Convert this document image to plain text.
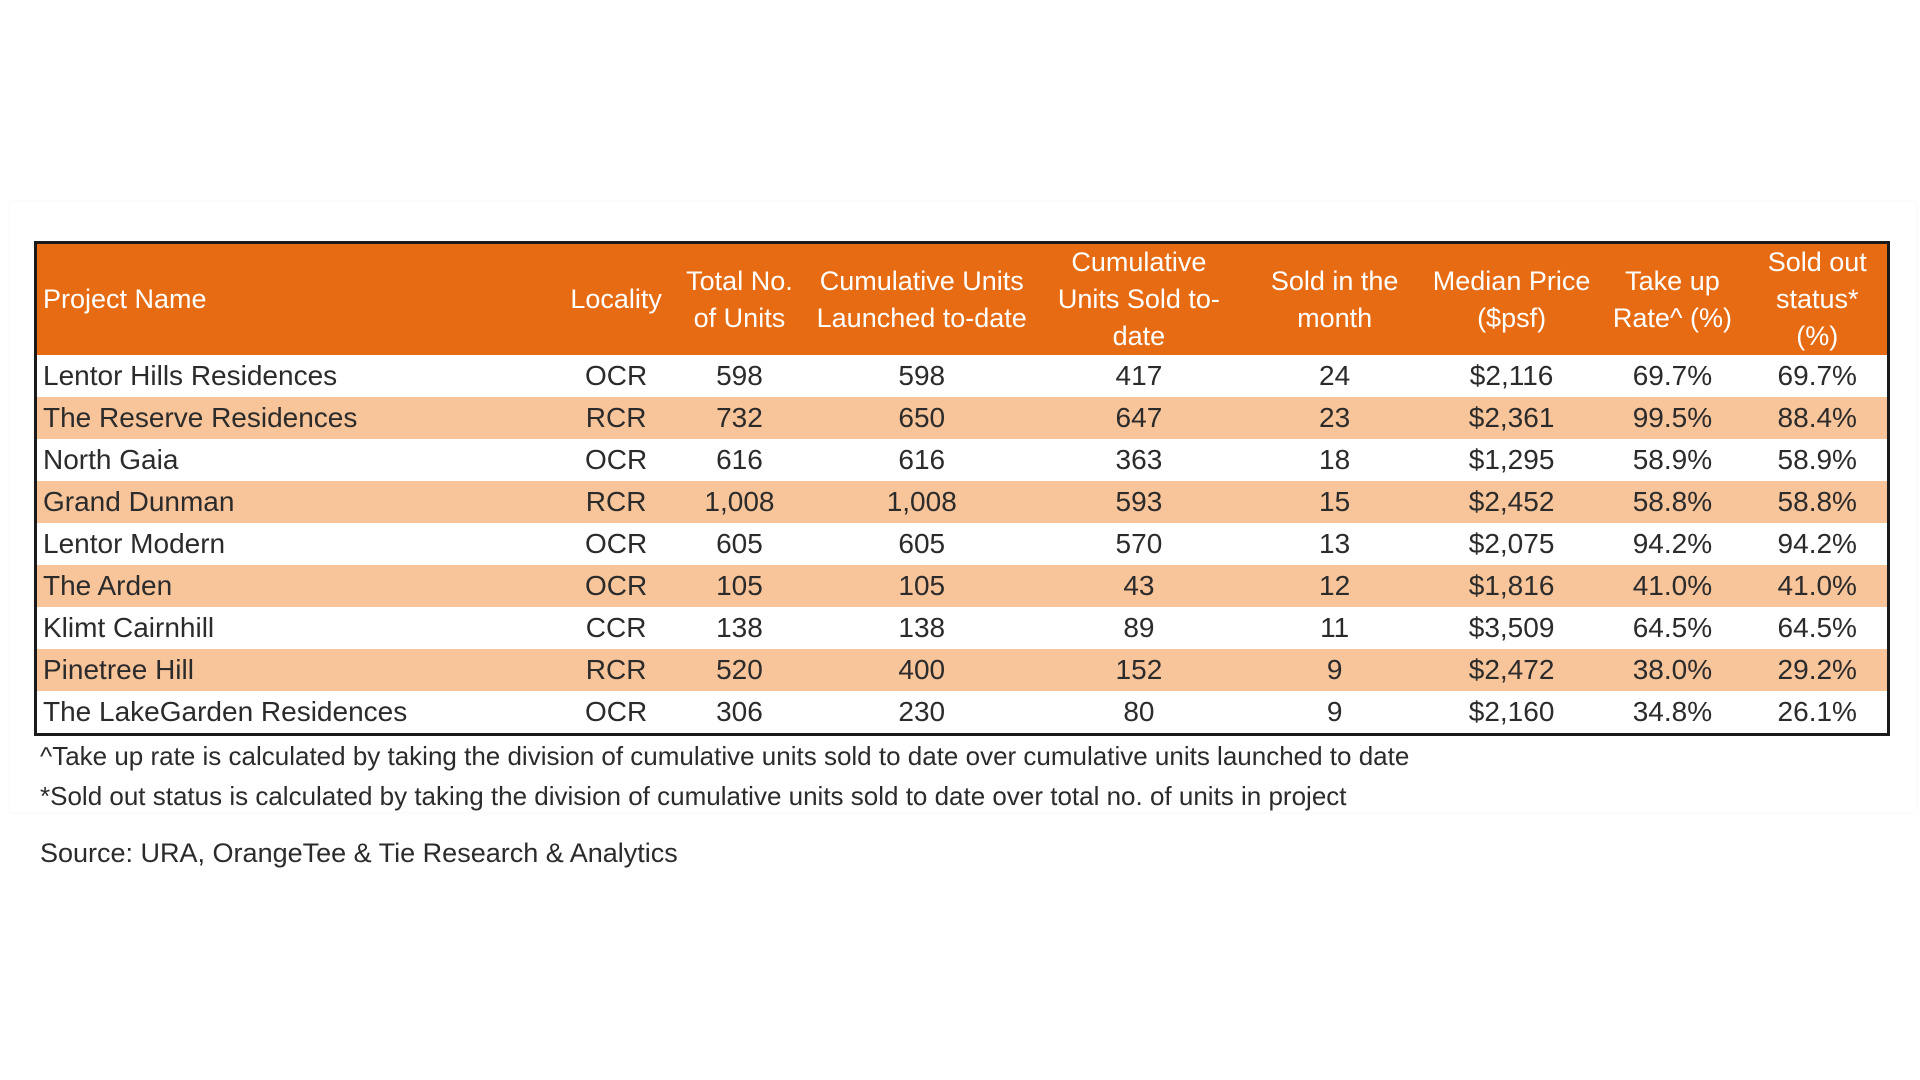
Project Name	Locality	Total No. of Units	Cumulative Units Launched to-date	Cumulative Units Sold to-date	Sold in the month	Median Price ($psf)	Take up Rate^ (%)	Sold out status* (%)
Lentor Hills Residences	OCR	598	598	417	24	$2,116	69.7%	69.7%
The Reserve Residences	RCR	732	650	647	23	$2,361	99.5%	88.4%
North Gaia	OCR	616	616	363	18	$1,295	58.9%	58.9%
Grand Dunman	RCR	1,008	1,008	593	15	$2,452	58.8%	58.8%
Lentor Modern	OCR	605	605	570	13	$2,075	94.2%	94.2%
The Arden	OCR	105	105	43	12	$1,816	41.0%	41.0%
Klimt Cairnhill	CCR	138	138	89	11	$3,509	64.5%	64.5%
Pinetree Hill	RCR	520	400	152	9	$2,472	38.0%	29.2%
The LakeGarden Residences	OCR	306	230	80	9	$2,160	34.8%	26.1%
^Take up rate is calculated by taking the division of cumulative units sold to date over cumulative units launched to date
*Sold out status is calculated by taking the division of cumulative units sold to date over total no. of units in project
Source: URA, OrangeTee & Tie Research & Analytics
